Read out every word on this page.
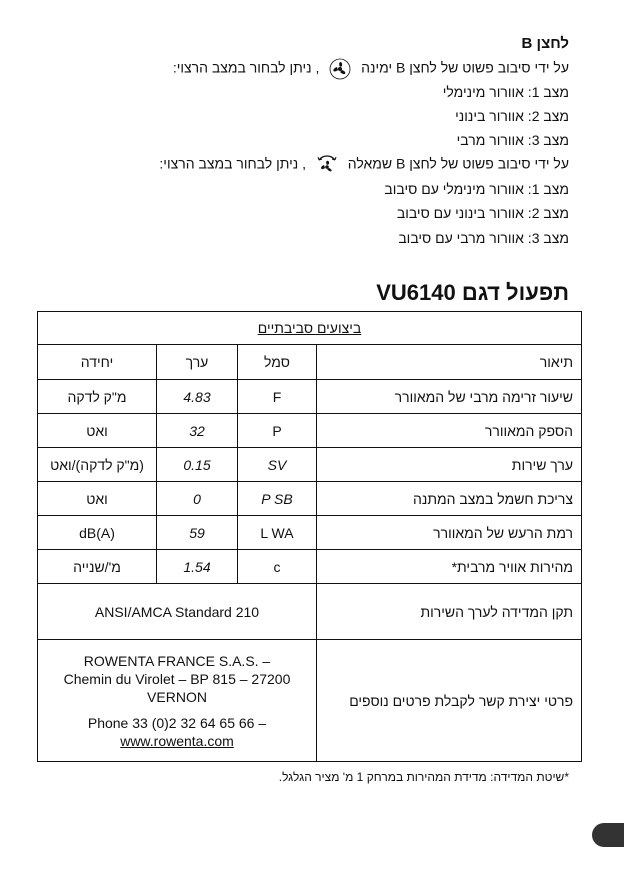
לחצן B
על ידי סיבוב פשוט של לחצן B ימינה
, ניתן לבחור במצב הרצוי:
מצב 1: אוורור מינימלי
מצב 2: אוורור בינוני
מצב 3: אוורור מרבי
על ידי סיבוב פשוט של לחצן B שמאלה
, ניתן לבחור במצב הרצוי:
מצב 1: אוורור מינימלי עם סיבוב
מצב 2: אוורור בינוני עם סיבוב
מצב 3: אוורור מרבי עם סיבוב
תפעול דגם VU6140
ביצועים סביבתיים			
תיאור	סמל	ערך	יחידה
שיעור זרימה מרבי של המאוורר	F	4.83	מ"ק לדקה
הספק המאוורר	P	32	ואט
ערך שירות	SV	0.15	(מ"ק לדקה)/ואט
צריכת חשמל במצב המתנה	P SB	0	ואט
רמת הרעש של המאוורר	L WA	59	dB(A)
מהירות אוויר מרבית*	c	1.54	מ'/שנייה
תקן המדידה לערך השירות	ANSI/AMCA Standard 210		
פרטי יצירת קשר לקבלת פרטים נוספים	ROWENTA FRANCE S.A.S. –
Chemin du Virolet – BP 815 – 27200
VERNON
Phone 33 (0)2 32 64 65 66 –
www.rowenta.com		
*שיטת המדידה: מדידת המהירות במרחק 1 מ' מציר הגלגל.
